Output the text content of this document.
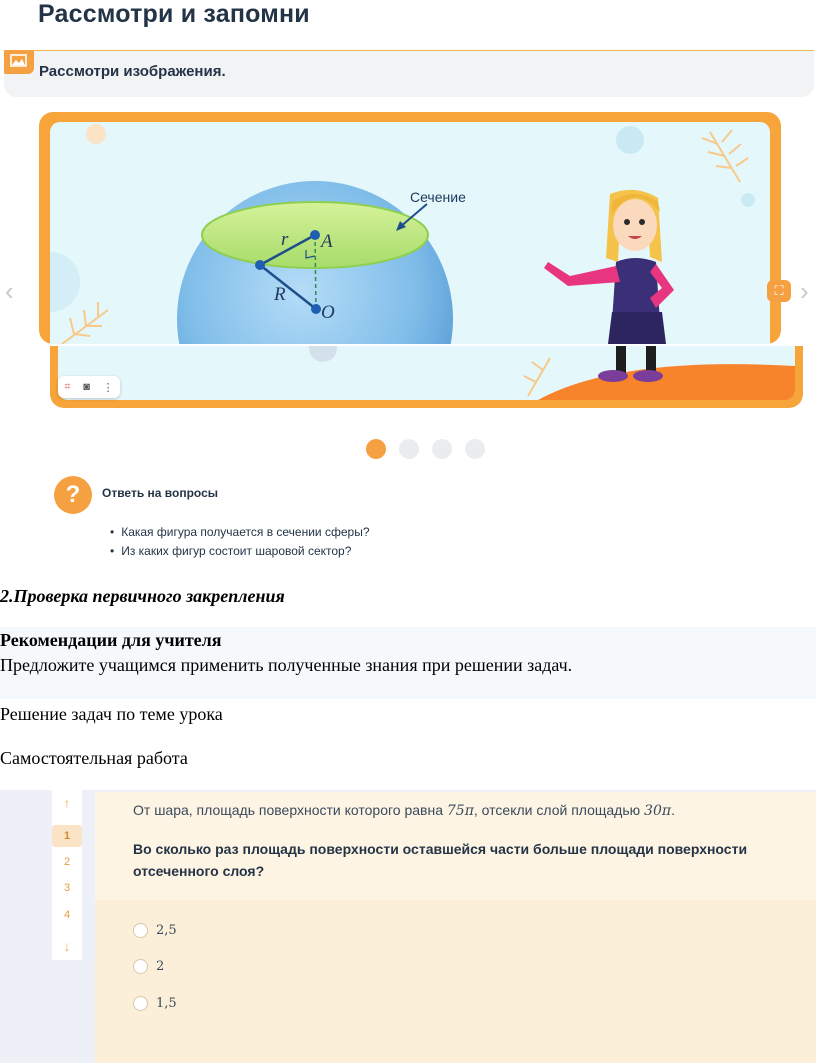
Рассмотри и запомни
Рассмотри изображения.
‹	›
Сечение
r A
R
O
⌗ ◙ ⋮
⛶
?	Ответь на вопросы
• Какая фигура получается в сечении сферы?
• Из каких фигур состоит шаровой сектор?
2.Проверка первичного закрепления
Рекомендации для учителя
Предложите учащимся применить полученные знания при решении задач.
Решение задач по теме урока
Самостоятельная работа
↑
1
2
3
4
↓
От шара, площадь поверхности которого равна 75π, отсекли слой площадью 30π.
Во сколько раз площадь поверхности оставшейся части больше площади поверхности отсеченного слоя?
2,5
2
1,5
